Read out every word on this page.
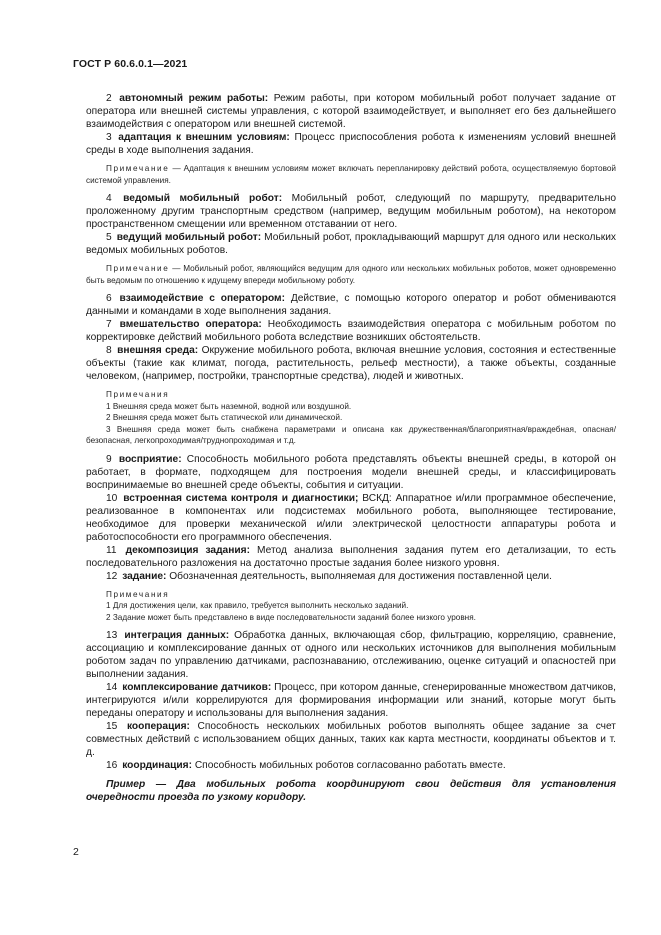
ГОСТ Р 60.6.0.1—2021

2 автономный режим работы: Режим работы, при котором мобильный робот получает задание от оператора или внешней системы управления, с которой взаимодействует, и выполняет его без дальнейшего взаимодействия с оператором или внешней системой.

3 адаптация к внешним условиям: Процесс приспособления робота к изменениям условий внешней среды в ходе выполнения задания.

Примечание — Адаптация к внешним условиям может включать перепланировку действий робота, осуществляемую бортовой системой управления.

4 ведомый мобильный робот: Мобильный робот, следующий по маршруту, предварительно проложенному другим транспортным средством (например, ведущим мобильным роботом), на некотором пространственном смещении или временном отставании от него.

5 ведущий мобильный робот: Мобильный робот, прокладывающий маршрут для одного или нескольких ведомых мобильных роботов.

Примечание — Мобильный робот, являющийся ведущим для одного или нескольких мобильных роботов, может одновременно быть ведомым по отношению к идущему впереди мобильному роботу.

6 взаимодействие с оператором: Действие, с помощью которого оператор и робот обмениваются данными и командами в ходе выполнения задания.

7 вмешательство оператора: Необходимость взаимодействия оператора с мобильным роботом по корректировке действий мобильного робота вследствие возникших обстоятельств.

8 внешняя среда: Окружение мобильного робота, включая внешние условия, состояния и естественные объекты (такие как климат, погода, растительность, рельеф местности), а также объекты, созданные человеком, (например, постройки, транспортные средства), людей и животных.

Примечания

1 Внешняя среда может быть наземной, водной или воздушной.

2 Внешняя среда может быть статической или динамической.

3 Внешняя среда может быть снабжена параметрами и описана как дружественная/благоприятная/враждебная, опасная/безопасная, легкопроходимая/труднопроходимая и т.д.

9 восприятие: Способность мобильного робота представлять объекты внешней среды, в которой он работает, в формате, подходящем для построения модели внешней среды, и классифицировать воспринимаемые во внешней среде объекты, события и ситуации.

10 встроенная система контроля и диагностики; ВСКД: Аппаратное и/или программное обеспечение, реализованное в компонентах или подсистемах мобильного робота, выполняющее тестирование, необходимое для проверки механической и/или электрической целостности аппаратуры робота и работоспособности его программного обеспечения.

11 декомпозиция задания: Метод анализа выполнения задания путем его детализации, то есть последовательного разложения на достаточно простые задания более низкого уровня.

12 задание: Обозначенная деятельность, выполняемая для достижения поставленной цели.

Примечания

1 Для достижения цели, как правило, требуется выполнить несколько заданий.

2 Задание может быть представлено в виде последовательности заданий более низкого уровня.

13 интеграция данных: Обработка данных, включающая сбор, фильтрацию, корреляцию, сравнение, ассоциацию и комплексирование данных от одного или нескольких источников для выполнения мобильным роботом задач по управлению датчиками, распознаванию, отслеживанию, оценке ситуаций и опасностей при выполнении задания.

14 комплексирование датчиков: Процесс, при котором данные, сгенерированные множеством датчиков, интегрируются и/или коррелируются для формирования информации или знаний, которые могут быть переданы оператору и использованы для выполнения задания.

15 кооперация: Способность нескольких мобильных роботов выполнять общее задание за счет совместных действий с использованием общих данных, таких как карта местности, координаты объектов и т. д.

16 координация: Способность мобильных роботов согласованно работать вместе.

Пример — Два мобильных робота координируют свои действия для установления очередности проезда по узкому коридору.

2
